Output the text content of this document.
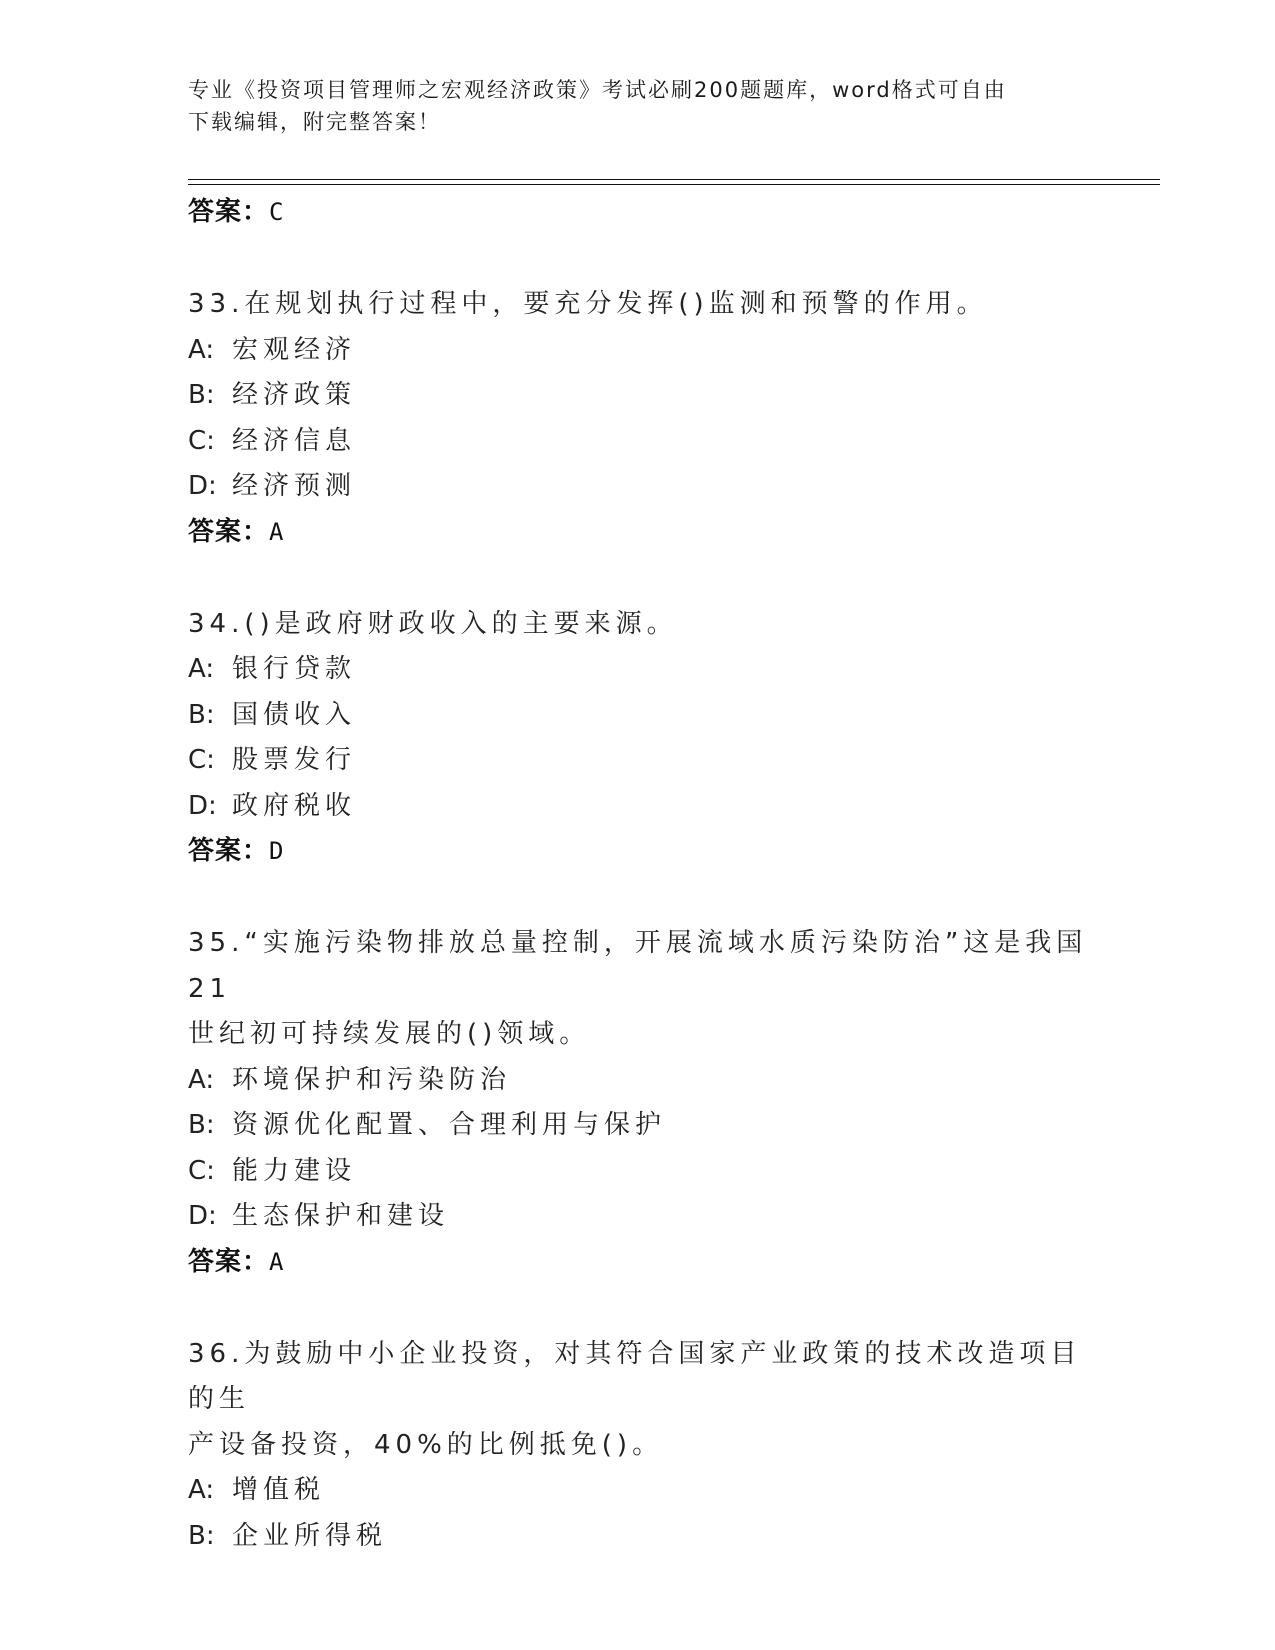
专业《投资项目管理师之宏观经济政策》考试必刷200题题库，word格式可自由
下载编辑，附完整答案！
答案：C
33.在规划执行过程中，要充分发挥()监测和预警的作用。
A: 宏观经济
B: 经济政策
C: 经济信息
D: 经济预测
答案：A
34.()是政府财政收入的主要来源。
A: 银行贷款
B: 国债收入
C: 股票发行
D: 政府税收
答案：D
35.“实施污染物排放总量控制，开展流域水质污染防治”这是我国21
世纪初可持续发展的()领域。
A: 环境保护和污染防治
B: 资源优化配置、合理利用与保护
C: 能力建设
D: 生态保护和建设
答案：A
36.为鼓励中小企业投资，对其符合国家产业政策的技术改造项目的生
产设备投资，40%的比例抵免()。
A: 增值税
B: 企业所得税
